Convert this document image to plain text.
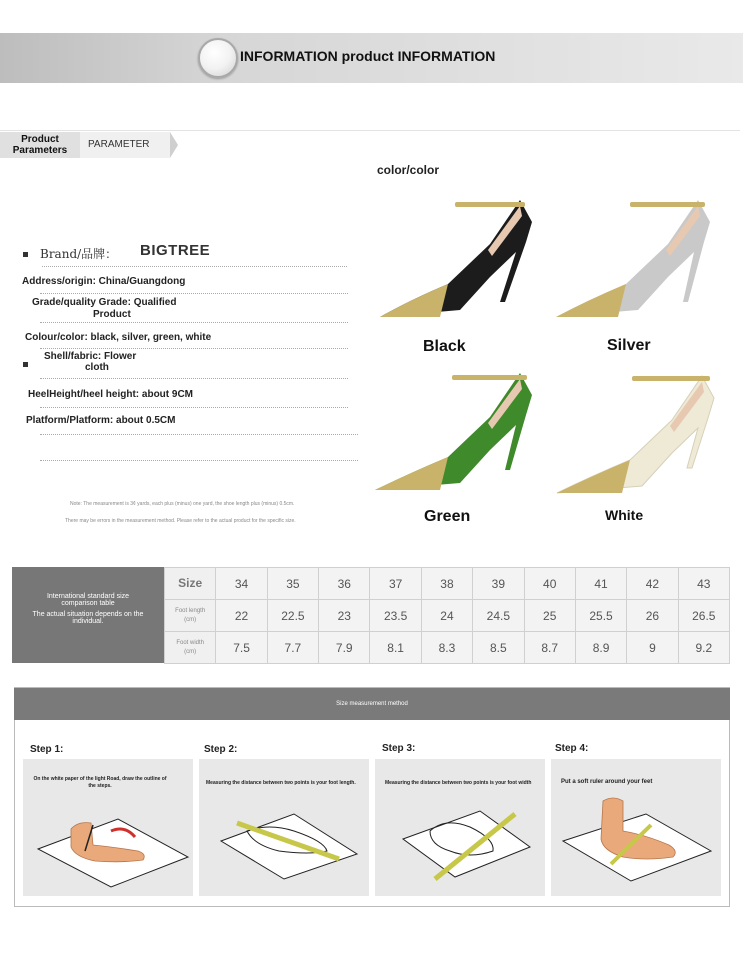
INFORMATION product INFORMATION
Product
Parameters
PARAMETER
Brand/品牌： BIGTREE
Address/origin: China/Guangdong
Grade/quality Grade: Qualified
Product
Colour/color: black, silver, green, white
Shell/fabric: Flower
cloth
HeelHeight/heel height: about 9CM
Platform/Platform: about 0.5CM
Note: The measurement is 3¢ yards, each plus (minus) one yard, the shoe length plus (minus) 0.5cm.
There may be errors in the measurement method. Please refer to the actual product for the specific size.
color/color
Black	Silver
Green	White
International standard size
comparison table
The actual situation depends on the
individual.
Size	34	35	36	37	38	39	40	41	42	43

Foot length
(cm)	22	22.5	23	23.5	24	24.5	25	25.5	26	26.5

Foot width
(cm)	7.5	7.7	7.9	8.1	8.3	8.5	8.7	8.9	9	9.2
Size measurement method
Step 1:	Step 2:	Step 3:	Step 4:
On the white paper of the light Road, draw the outline of the steps.	Measuring the distance between two points is your foot length.	Measuring the distance between two points is your foot width	Put a soft ruler around your feet
